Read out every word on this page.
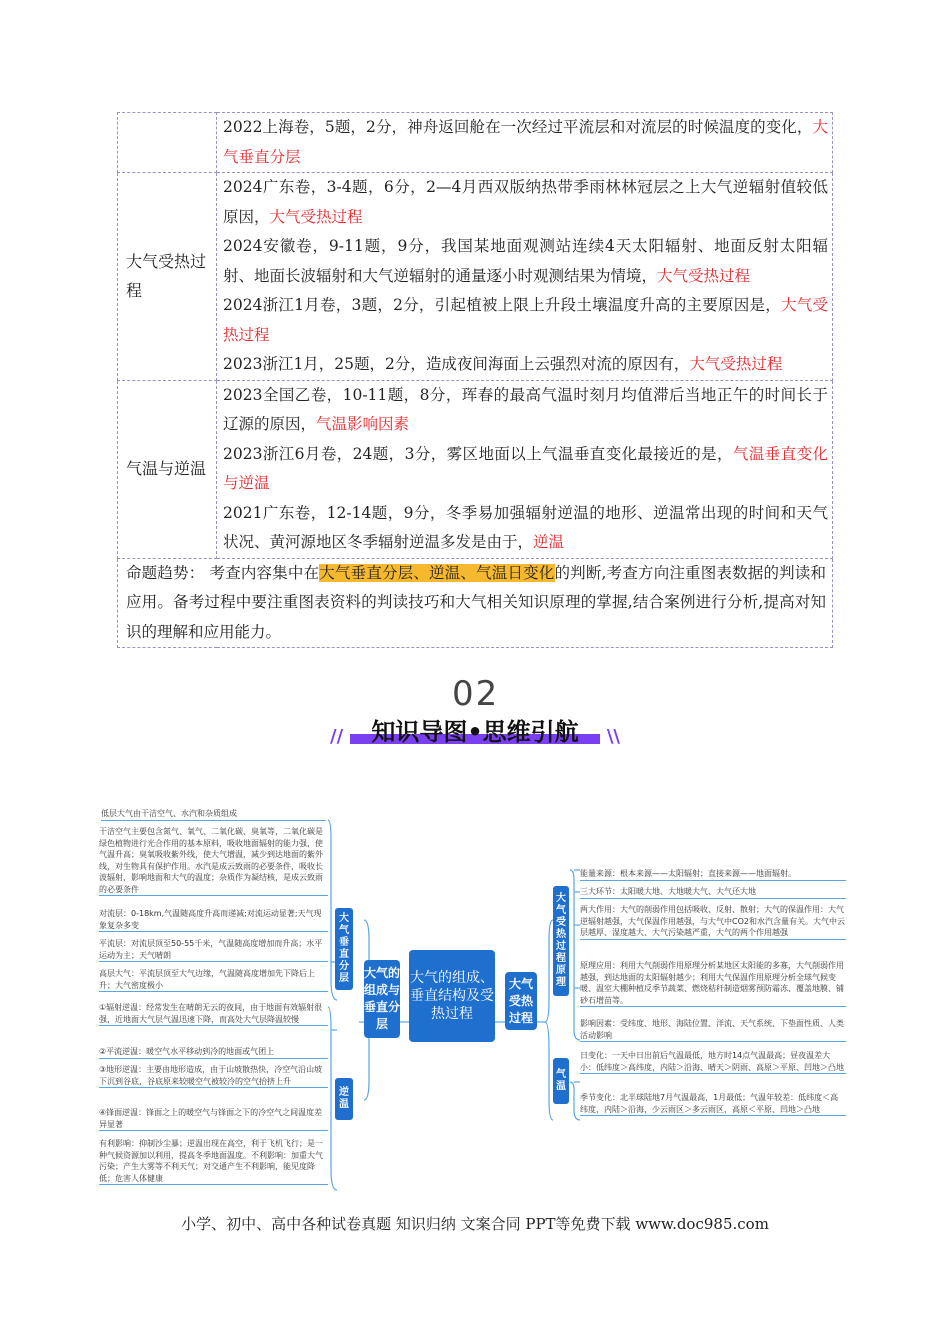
	2022上海卷，5题，2分，神舟返回舱在一次经过平流层和对流层的时候温度的变化，大气垂直分层

大气受热过程	2024广东卷，3-4题，6分，2—4月西双版纳热带季雨林林冠层之上大气逆辐射值较低原因，大气受热过程
2024安徽卷，9-11题，9分，我国某地面观测站连续4天太阳辐射、地面反射太阳辐射、地面长波辐射和大气逆辐射的通量逐小时观测结果为情境，大气受热过程
2024浙江1月卷，3题，2分，引起植被上限上升段土壤温度升高的主要原因是，大气受热过程
2023浙江1月，25题，2分，造成夜间海面上云强烈对流的原因有，大气受热过程

气温与逆温	2023全国乙卷，10-11题，8分，珲春的最高气温时刻月均值滞后当地正午的时间长于辽源的原因，气温影响因素
2023浙江6月卷，24题，3分，雾区地面以上气温垂直变化最接近的是，气温垂直变化与逆温
2021广东卷，12-14题，9分，冬季易加强辐射逆温的地形、逆温常出现的时间和天气状况、黄河源地区冬季辐射逆温多发是由于，逆温

命题趋势： 考查内容集中在大气垂直分层、逆温、气温日变化的判断,考查方向注重图表数据的判读和应用。备考过程中要注重图表资料的判读技巧和大气相关知识原理的掌握,结合案例进行分析,提高对知识的理解和应用能力。	
02
//	知识导图•思维引航	\\
低层大气由干洁空气、水汽和杂质组成
干洁空气主要包含氮气、氧气、二氧化碳、臭氧等，二氧化碳是绿色植物进行光合作用的基本原料，吸收地面辐射的能力强，使气温升高；臭氧吸收紫外线，使大气增温，减少到达地面的紫外线，对生物具有保护作用。水汽是成云致雨的必要条件，吸收长波辐射，影响地面和大气的温度；杂质作为凝结核，是成云致雨的必要条件
对流层：0-18km,气温随高度升高而递减;对流运动显著;天气现象复杂多变
平流层：对流层顶至50-55千米，气温随高度增加而升高；水平运动为主；天气晴朗
高层大气：平流层顶至大气边缘，气温随高度增加先下降后上升；大气密度极小
①辐射逆温：经常发生在晴朗无云的夜间，由于地面有效辐射很强，近地面大气层气温迅速下降，而高处大气层降温较慢
②平流逆温：暖空气水平移动到冷的地面或气团上
③地形逆温：主要由地形造成，由于山坡散热快，冷空气沿山坡下沉到谷底，谷底原来较暖空气被较冷的空气抬挤上升
④锋面逆温：锋面之上的暖空气与锋面之下的冷空气之间温度差异显著
有利影响：抑制沙尘暴；逆温出现在高空，利于飞机飞行；是一种气候资源加以利用，提高冬季地面温度。不利影响：加重大气污染；产生大雾等不利天气；对交通产生不利影响，能见度降低；危害人体健康
大气垂直分层
逆温
大气的组成与垂直分层
大气的组成、垂直结构及受热过程
大气受热过程
大气受热过程原理
气温
能量来源：根本来源——太阳辐射；直接来源——地面辐射。
三大环节：太阳暖大地、大地暖大气、大气还大地
两大作用：大气的削弱作用包括吸收、反射、散射；大气的保温作用：大气逆辐射越强，大气保温作用越强，与大气中CO2和水汽含量有关。大气中云层越厚、湿度越大、大气污染越严重，大气的两个作用越强
原理应用：利用大气削弱作用原理分析某地区太阳能的多寡，大气削弱作用越强，到达地面的太阳辐射越少；利用大气保温作用原理分析全球气候变暖、温室大棚种植反季节蔬菜、燃烧秸秆制造烟雾预防霜冻、覆盖地膜、铺砂石增苗等。
影响因素：受纬度、地形、海陆位置、洋流、天气系统、下垫面性质、人类活动影响
日变化：一天中日出前后气温最低，地方时14点气温最高；昼夜温差大小：低纬度＞高纬度，内陆＞沿海、晴天＞阴雨、高原＞平原、凹地＞凸地
季节变化：北半球陆地7月气温最高，1月最低；气温年较差：低纬度＜高纬度，内陆＞沿海，少云雨区＞多云雨区，高原＜平原、凹地＞凸地
小学、初中、高中各种试卷真题 知识归纳 文案合同 PPT等免费下载 www.doc985.com
